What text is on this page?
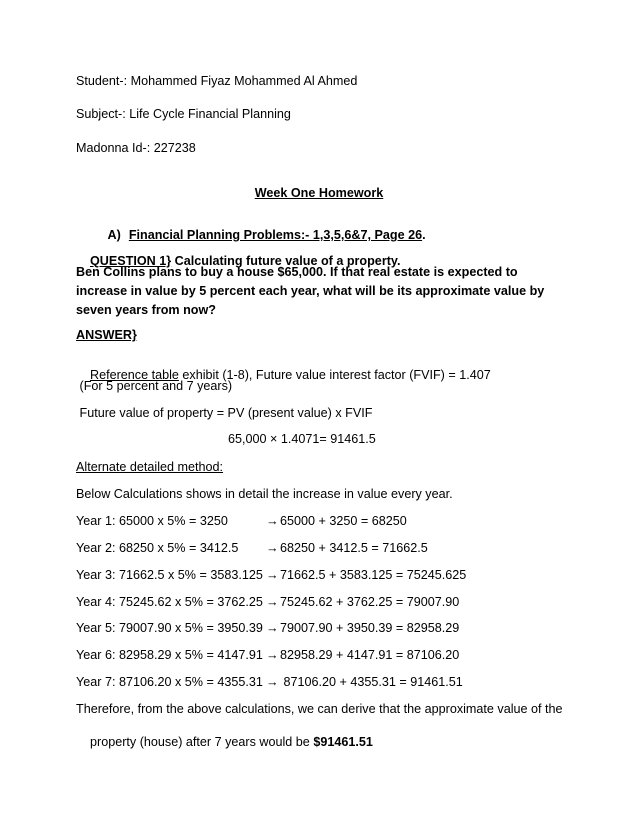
Student-: Mohammed Fiyaz Mohammed Al Ahmed
Subject-: Life Cycle Financial Planning
Madonna Id-: 227238
Week One Homework

A) Financial Planning Problems:- 1,3,5,6&7, Page 26.

QUESTION 1} Calculating future value of a property.

Ben Collins plans to buy a house $65,000. If that real estate is expected to
increase in value by 5 percent each year, what will be its approximate value by
seven years from now?
ANSWER}

Reference table exhibit (1-8), Future value interest factor (FVIF) = 1.407

(For 5 percent and 7 years)
Future value of property = PV (present value) x FVIF
65,000 × 1.4071= 91461.5
Alternate detailed method:
Below Calculations shows in detail the increase in value every year.
Year 1: 65000 x 5% = 3250	→65000 + 3250 = 68250
Year 2: 68250 x 5% = 3412.5 →68250 + 3412.5 = 71662.5
Year 3: 71662.5 x 5% = 3583.125 →71662.5 + 3583.125 = 75245.625
Year 4: 75245.62 x 5% = 3762.25 →75245.62 + 3762.25 = 79007.90
Year 5: 79007.90 x 5% = 3950.39 →79007.90 + 3950.39 = 82958.29
Year 6: 82958.29 x 5% = 4147.91 →82958.29 + 4147.91 = 87106.20
Year 7: 87106.20 x 5% = 4355.31 → 87106.20 + 4355.31 = 91461.51
Therefore, from the above calculations, we can derive that the approximate value of the

property (house) after 7 years would be $91461.51
